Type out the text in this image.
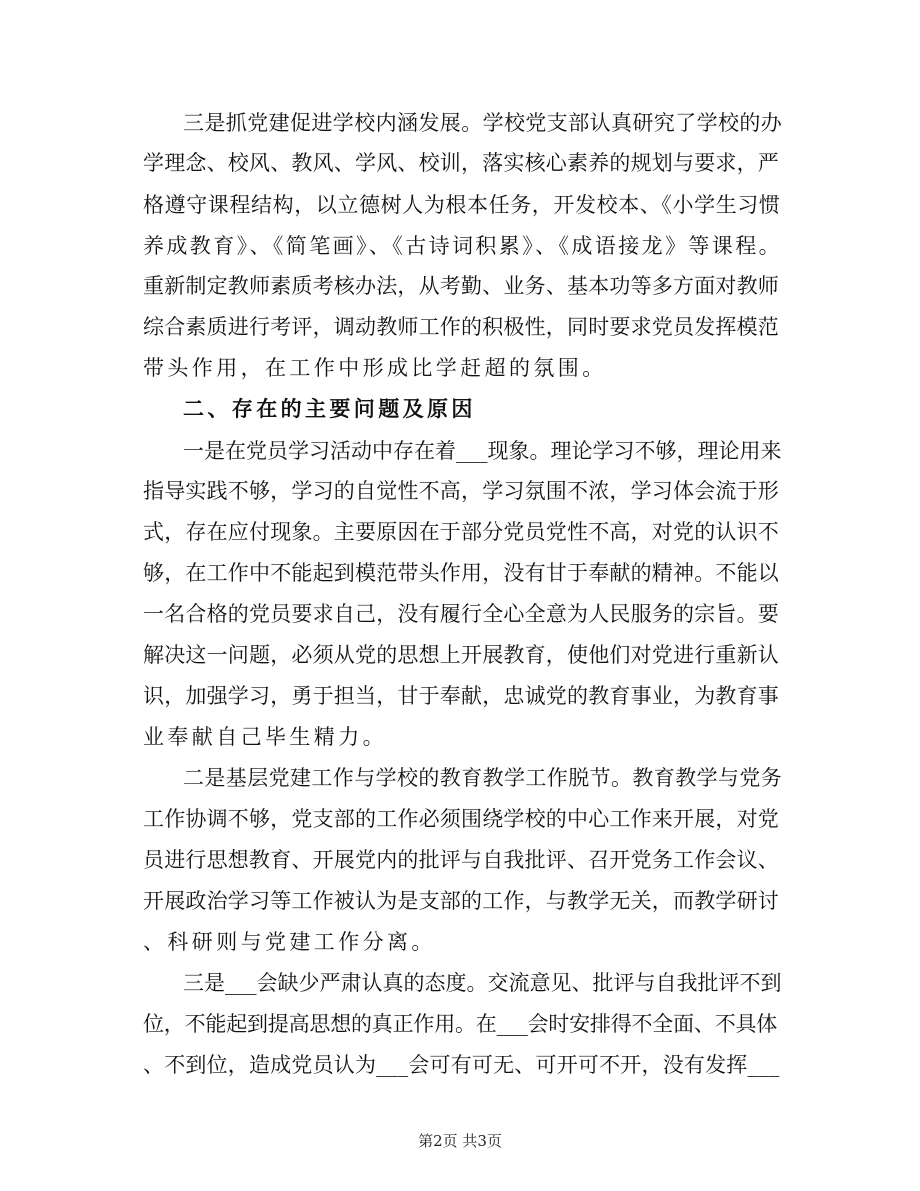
三是抓党建促进学校内涵发展。学校党支部认真研究了学校的办
学理念、校风、教风、学风、校训，落实核心素养的规划与要求，严
格遵守课程结构，以立德树人为根本任务，开发校本、《小学生习惯
养成教育》、《简笔画》、《古诗词积累》、《成语接龙》等课程。
重新制定教师素质考核办法，从考勤、业务、基本功等多方面对教师
综合素质进行考评，调动教师工作的积极性，同时要求党员发挥模范
带头作用，在工作中形成比学赶超的氛围。
二、存在的主要问题及原因
一是在党员学习活动中存在着___现象。理论学习不够，理论用来
指导实践不够，学习的自觉性不高，学习氛围不浓，学习体会流于形
式，存在应付现象。主要原因在于部分党员党性不高，对党的认识不
够，在工作中不能起到模范带头作用，没有甘于奉献的精神。不能以
一名合格的党员要求自己，没有履行全心全意为人民服务的宗旨。要
解决这一问题，必须从党的思想上开展教育，使他们对党进行重新认
识，加强学习，勇于担当，甘于奉献，忠诚党的教育事业，为教育事
业奉献自己毕生精力。
二是基层党建工作与学校的教育教学工作脱节。教育教学与党务
工作协调不够，党支部的工作必须围绕学校的中心工作来开展，对党
员进行思想教育、开展党内的批评与自我批评、召开党务工作会议、
开展政治学习等工作被认为是支部的工作，与教学无关，而教学研讨
、科研则与党建工作分离。
三是___会缺少严肃认真的态度。交流意见、批评与自我批评不到
位，不能起到提高思想的真正作用。在___会时安排得不全面、不具体
、不到位，造成党员认为___会可有可无、可开可不开，没有发挥___
第2页 共3页
